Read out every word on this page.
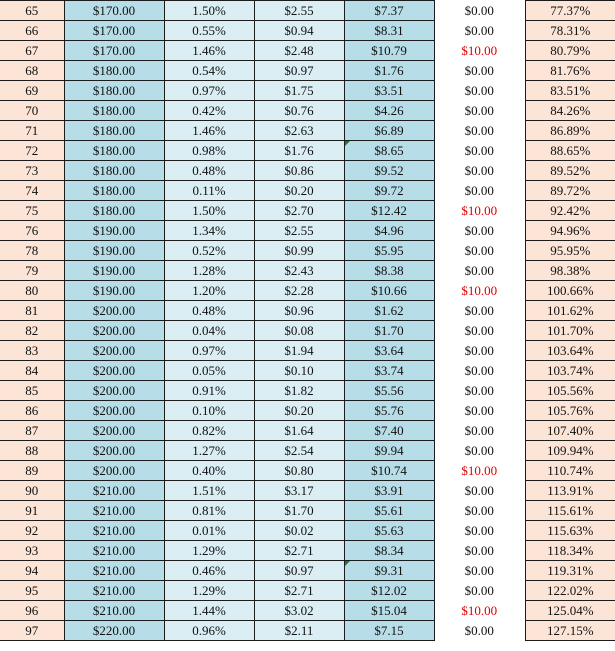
65	$170.00	1.50%	$2.55	$7.37	$0.00		77.37%
66	$170.00	0.55%	$0.94	$8.31	$0.00		78.31%
67	$170.00	1.46%	$2.48	$10.79	$10.00		80.79%
68	$180.00	0.54%	$0.97	$1.76	$0.00		81.76%
69	$180.00	0.97%	$1.75	$3.51	$0.00		83.51%
70	$180.00	0.42%	$0.76	$4.26	$0.00		84.26%
71	$180.00	1.46%	$2.63	$6.89	$0.00		86.89%
72	$180.00	0.98%	$1.76	$8.65	$0.00		88.65%
73	$180.00	0.48%	$0.86	$9.52	$0.00		89.52%
74	$180.00	0.11%	$0.20	$9.72	$0.00		89.72%
75	$180.00	1.50%	$2.70	$12.42	$10.00		92.42%
76	$190.00	1.34%	$2.55	$4.96	$0.00		94.96%
78	$190.00	0.52%	$0.99	$5.95	$0.00		95.95%
79	$190.00	1.28%	$2.43	$8.38	$0.00		98.38%
80	$190.00	1.20%	$2.28	$10.66	$10.00		100.66%
81	$200.00	0.48%	$0.96	$1.62	$0.00		101.62%
82	$200.00	0.04%	$0.08	$1.70	$0.00		101.70%
83	$200.00	0.97%	$1.94	$3.64	$0.00		103.64%
84	$200.00	0.05%	$0.10	$3.74	$0.00		103.74%
85	$200.00	0.91%	$1.82	$5.56	$0.00		105.56%
86	$200.00	0.10%	$0.20	$5.76	$0.00		105.76%
87	$200.00	0.82%	$1.64	$7.40	$0.00		107.40%
88	$200.00	1.27%	$2.54	$9.94	$0.00		109.94%
89	$200.00	0.40%	$0.80	$10.74	$10.00		110.74%
90	$210.00	1.51%	$3.17	$3.91	$0.00		113.91%
91	$210.00	0.81%	$1.70	$5.61	$0.00		115.61%
92	$210.00	0.01%	$0.02	$5.63	$0.00		115.63%
93	$210.00	1.29%	$2.71	$8.34	$0.00		118.34%
94	$210.00	0.46%	$0.97	$9.31	$0.00		119.31%
95	$210.00	1.29%	$2.71	$12.02	$0.00		122.02%
96	$210.00	1.44%	$3.02	$15.04	$10.00		125.04%
97	$220.00	0.96%	$2.11	$7.15	$0.00		127.15%
